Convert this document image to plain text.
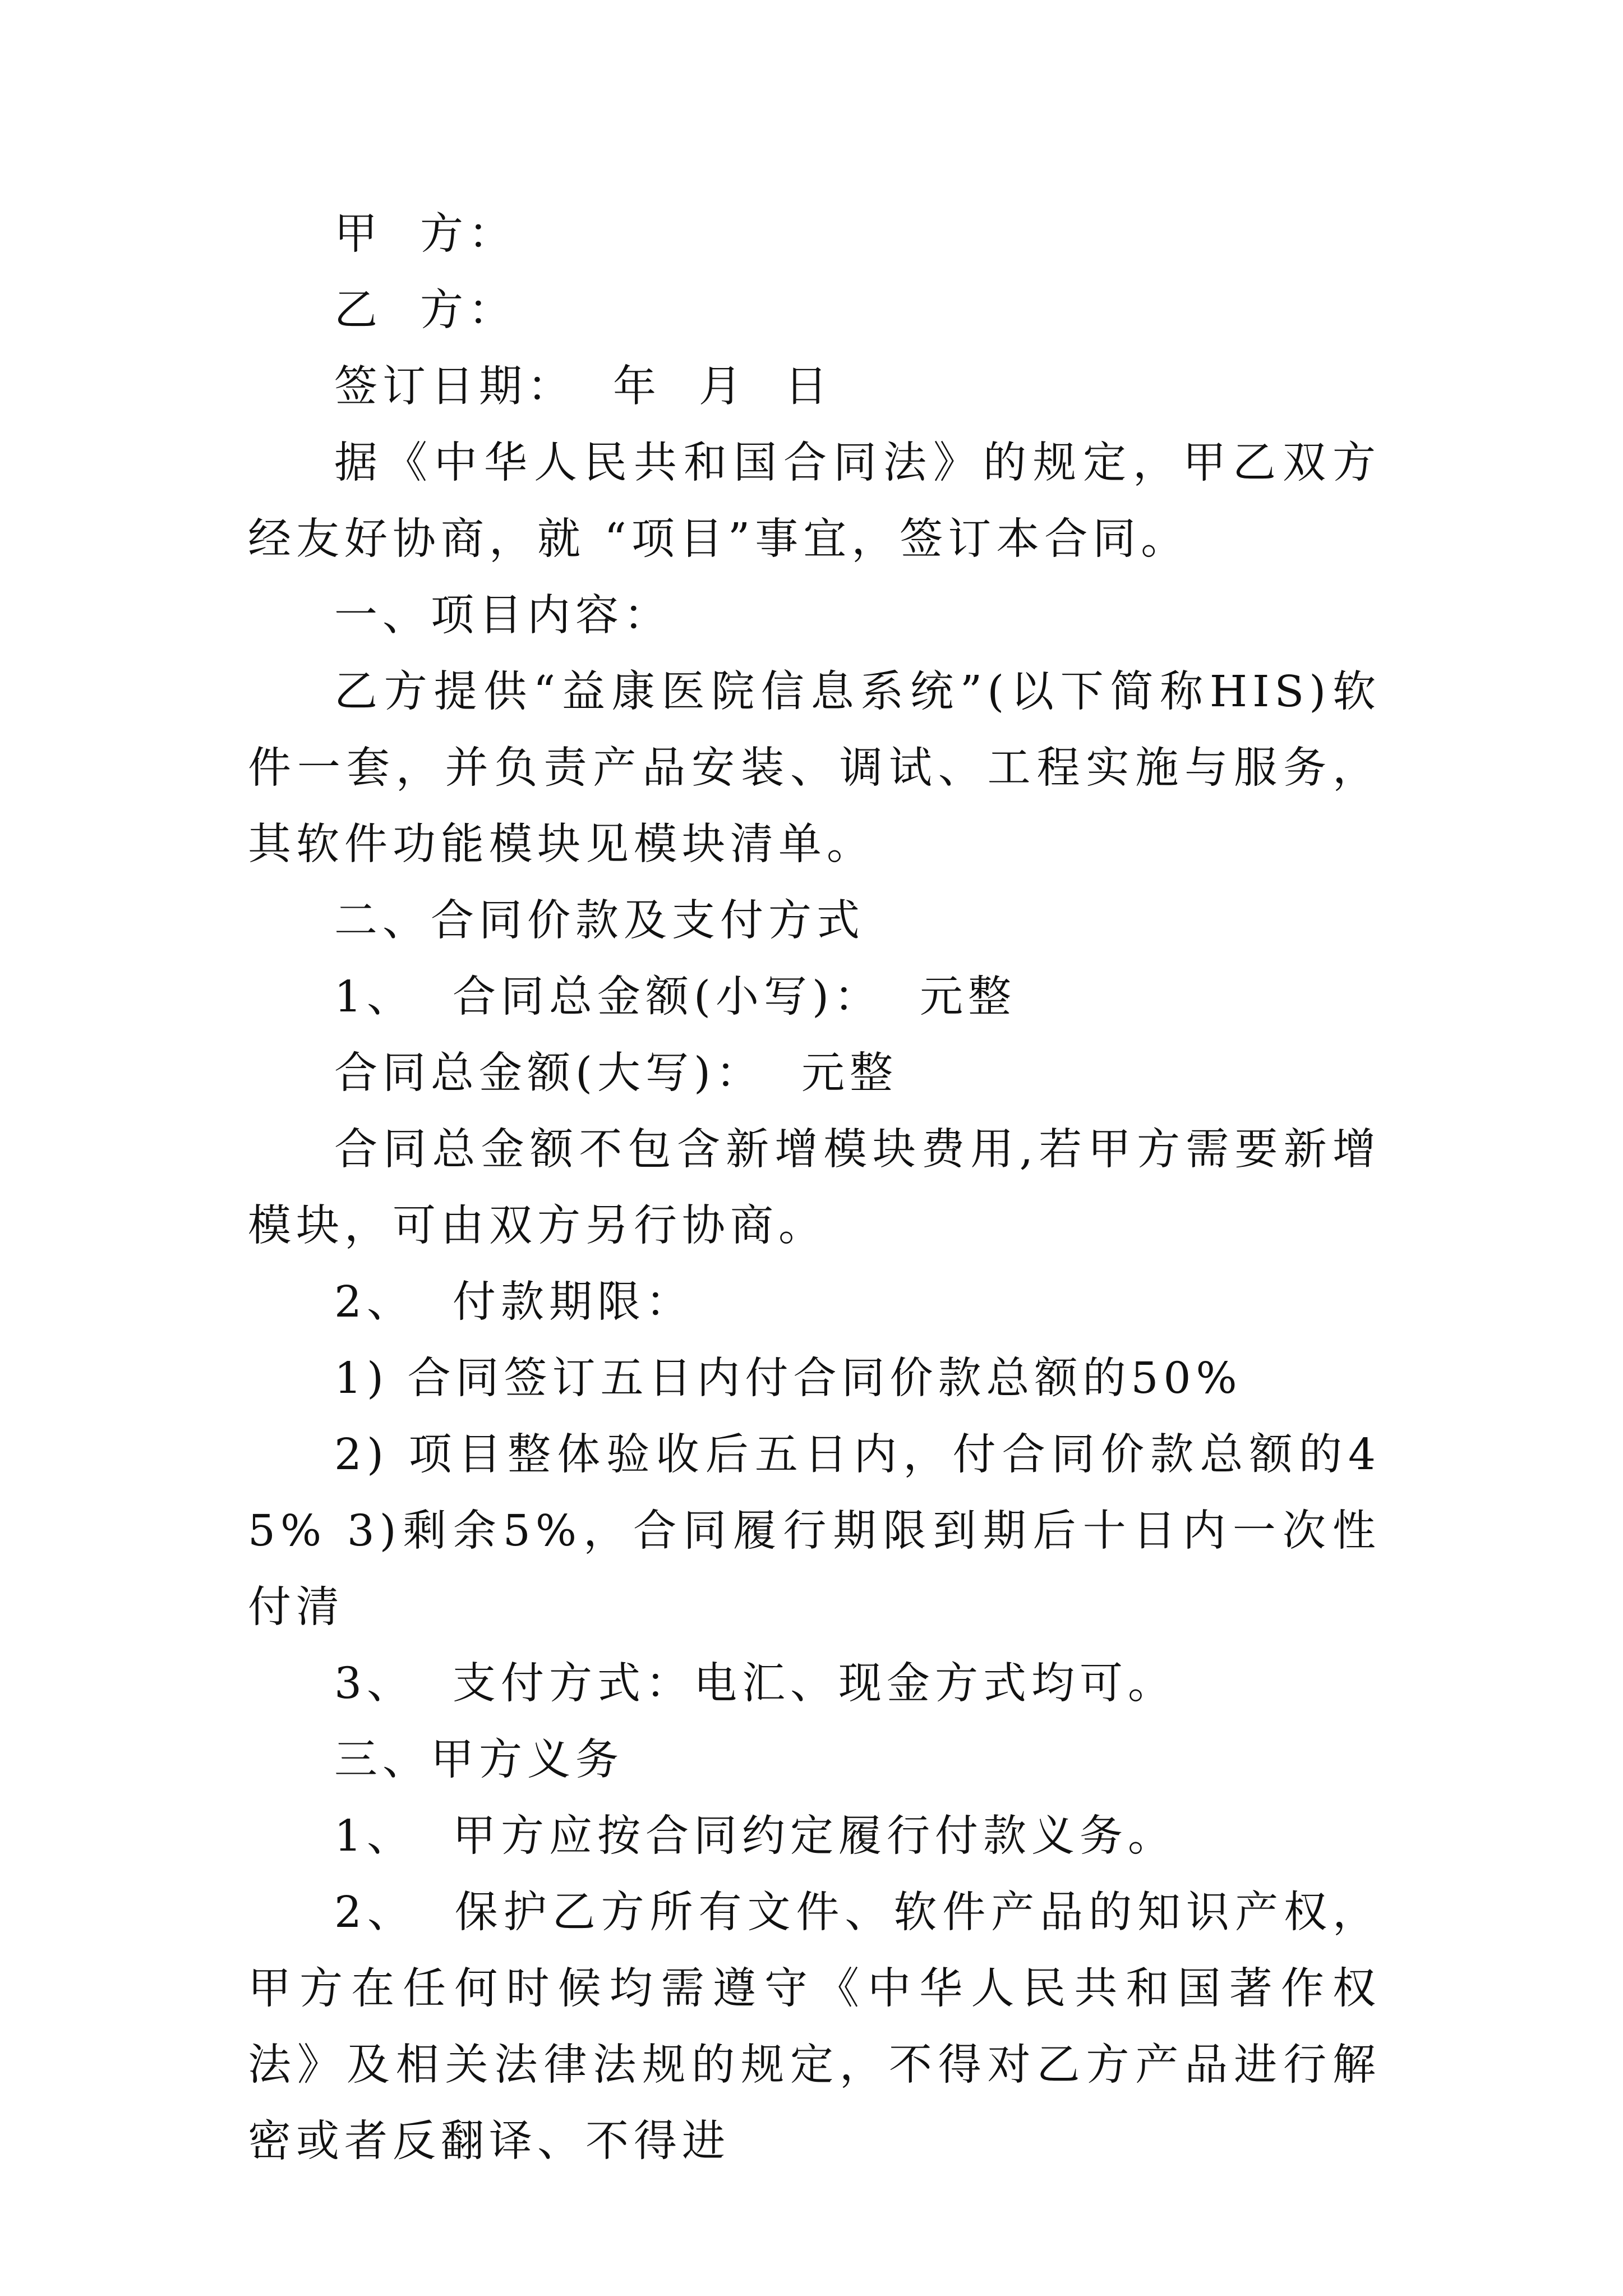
甲  方：

乙  方：

签订日期：  年  月  日

据《中华人民共和国合同法》的规定，甲乙双方经友好协商，就 “项目”事宜，签订本合同。

一、项目内容：

乙方提供“益康医院信息系统”(以下简称HIS)软件一套，并负责产品安装、调试、工程实施与服务，其软件功能模块见模块清单。

二、合同价款及支付方式

1、  合同总金额(小写)：  元整

合同总金额(大写)：  元整

合同总金额不包含新增模块费用,若甲方需要新增模块，可由双方另行协商。

2、  付款期限：

1) 合同签订五日内付合同价款总额的50%

2) 项目整体验收后五日内，付合同价款总额的45% 3)剩余5%，合同履行期限到期后十日内一次性付清

3、  支付方式：电汇、现金方式均可。

三、甲方义务

1、  甲方应按合同约定履行付款义务。

2、  保护乙方所有文件、软件产品的知识产权，甲方在任何时候均需遵守《中华人民共和国著作权法》及相关法律法规的规定，不得对乙方产品进行解密或者反翻译、不得进
